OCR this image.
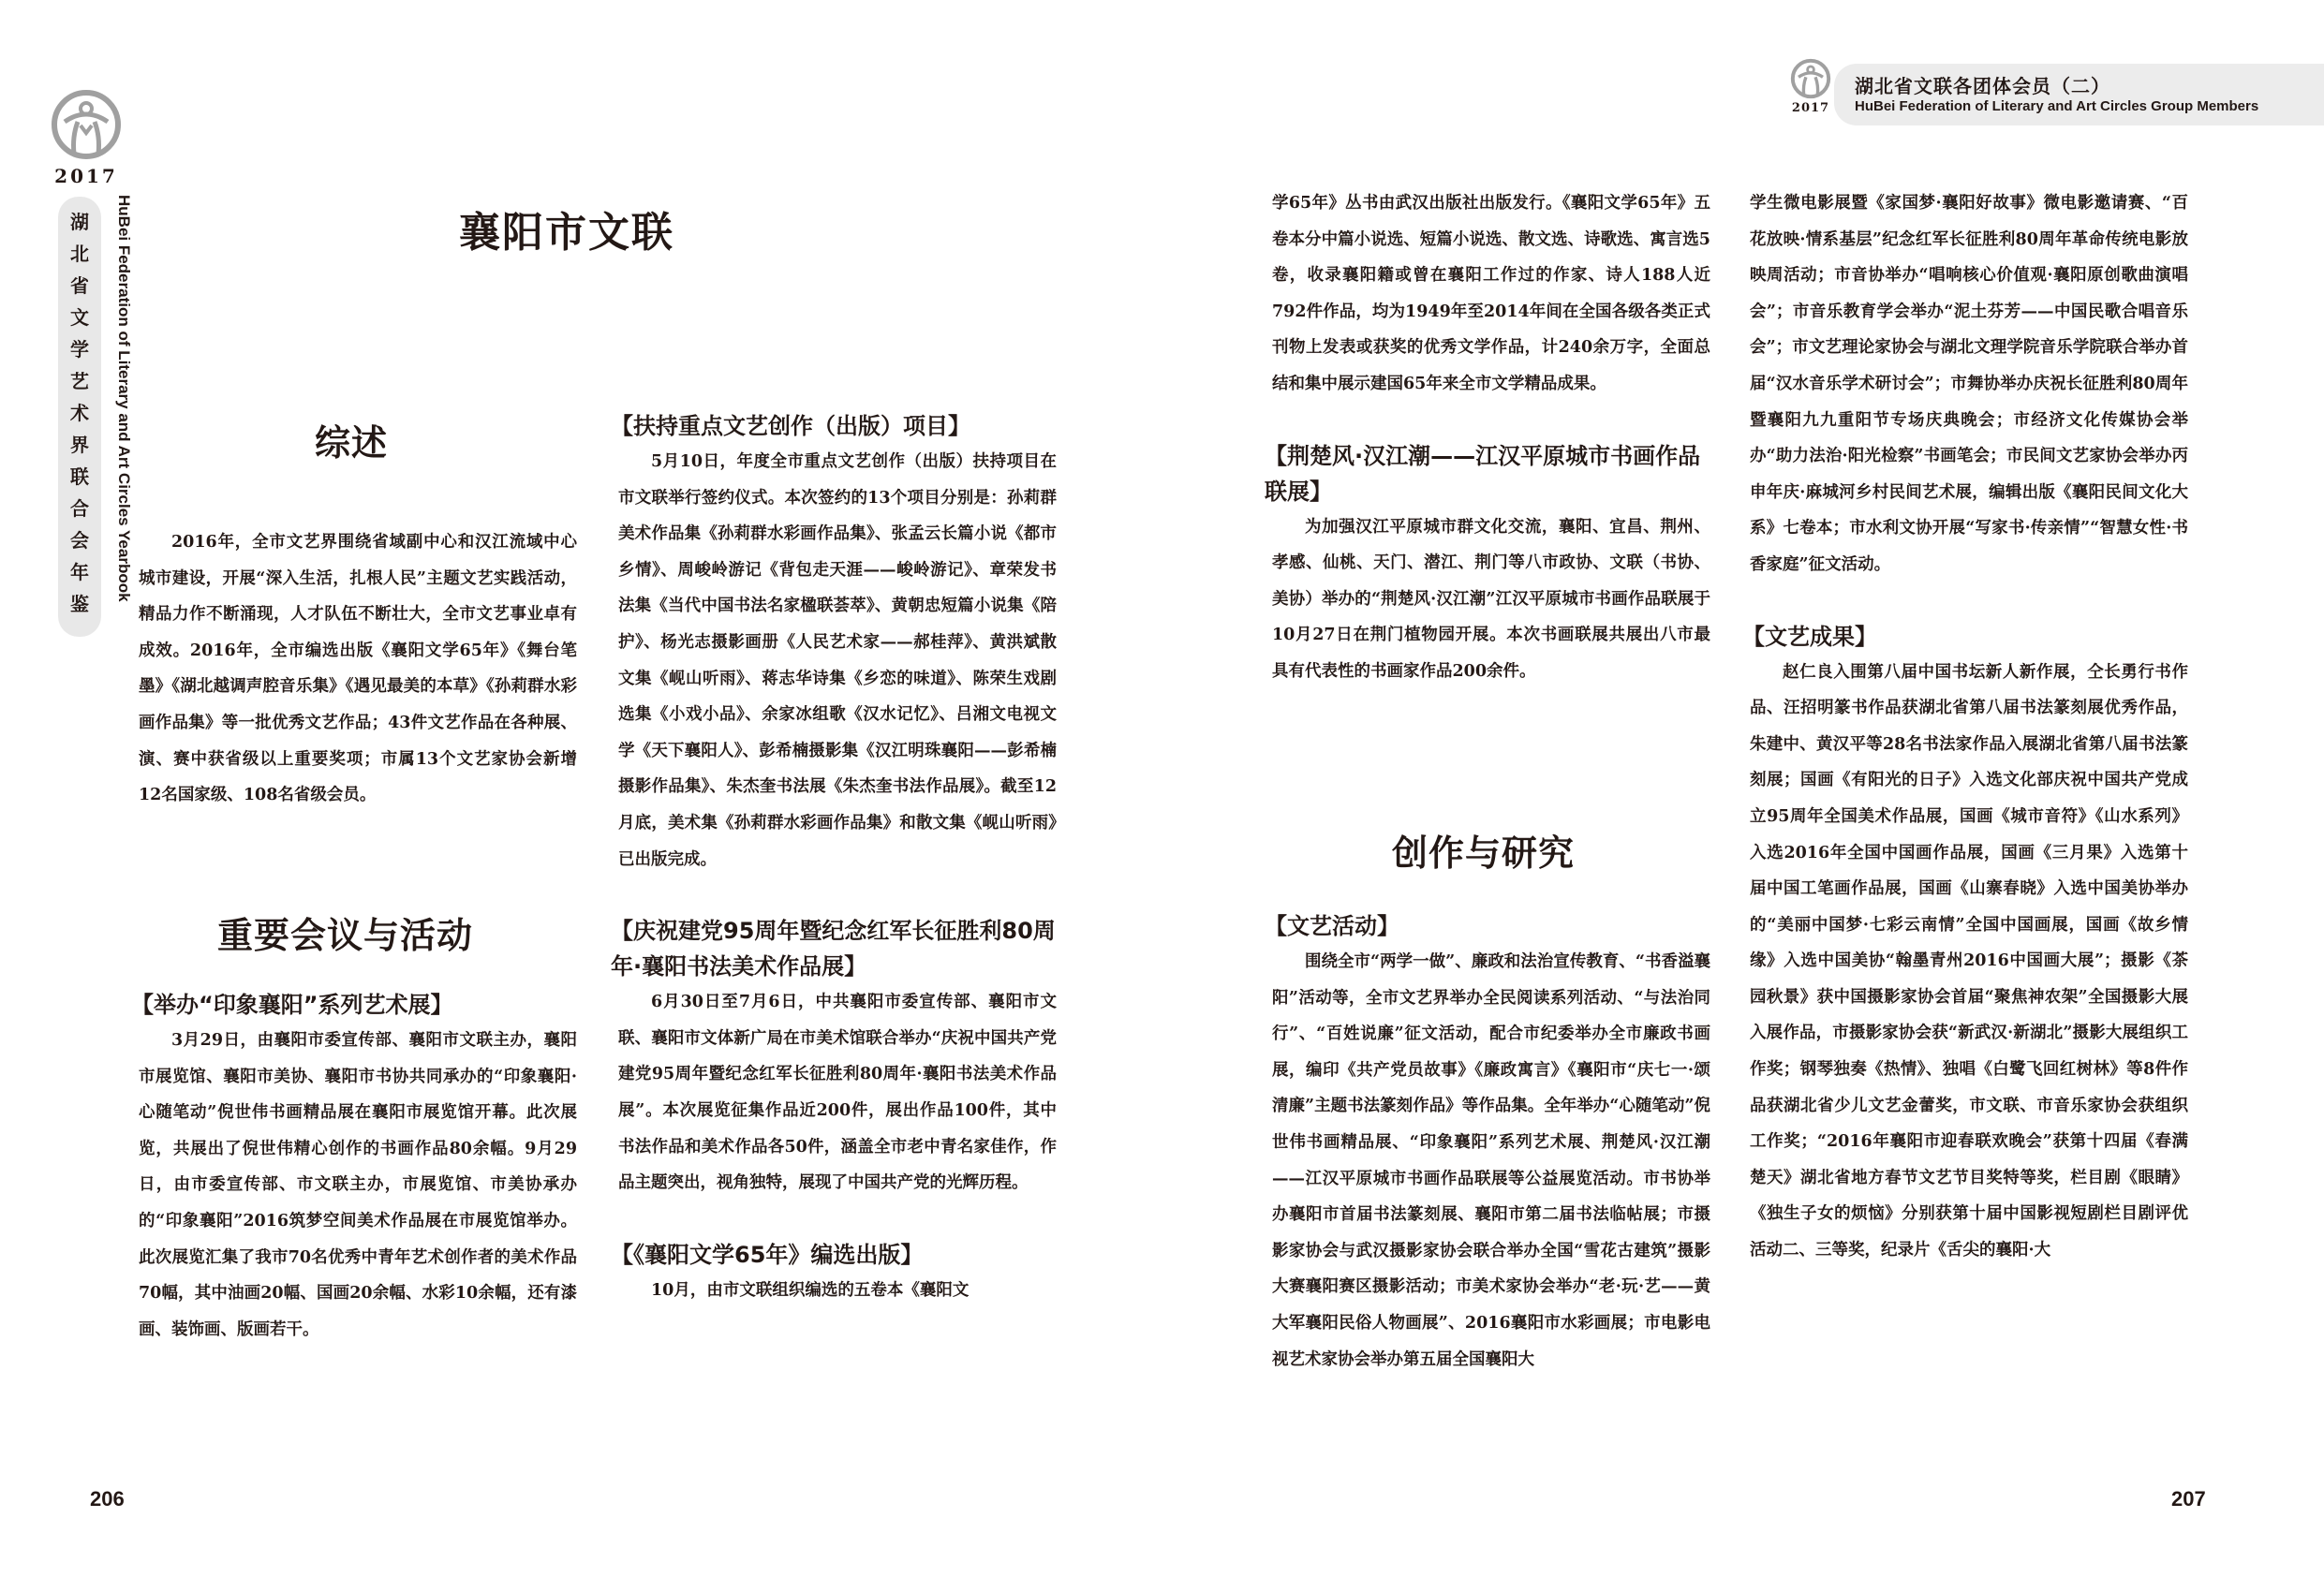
2017
湖
北
省
文
学
艺
术
界
联
合
会
年
鉴
HuBei Federation of Literary and Art Circles Yearbook	襄阳市文联
综述
重要会议与活动
创作与研究

2016年，全市文艺界围绕省域副中心和汉江流域中心城市建设，开展“深入生活，扎根人民”主题文艺实践活动，精品力作不断涌现，人才队伍不断壮大，全市文艺事业卓有成效。2016年，全市编选出版《襄阳文学65年》《舞台笔墨》《湖北越调声腔音乐集》《遇见最美的本草》《孙莉群水彩画作品集》等一批优秀文艺作品；43件文艺作品在各种展、演、赛中获省级以上重要奖项；市属13个文艺家协会新增12名国家级、108名省级会员。

【举办“印象襄阳”系列艺术展】

3月29日，由襄阳市委宣传部、襄阳市文联主办，襄阳市展览馆、襄阳市美协、襄阳市书协共同承办的“印象襄阳·心随笔动”倪世伟书画精品展在襄阳市展览馆开幕。此次展览，共展出了倪世伟精心创作的书画作品80余幅。9月29日，由市委宣传部、市文联主办，市展览馆、市美协承办的“印象襄阳”2016筑梦空间美术作品展在市展览馆举办。此次展览汇集了我市70名优秀中青年艺术创作者的美术作品70幅，其中油画20幅、国画20余幅、水彩10余幅，还有漆画、装饰画、版画若干。

【扶持重点文艺创作（出版）项目】

5月10日，年度全市重点文艺创作（出版）扶持项目在市文联举行签约仪式。本次签约的13个项目分别是：孙莉群美术作品集《孙莉群水彩画作品集》、张孟云长篇小说《都市乡情》、周峻岭游记《背包走天涯——峻岭游记》、章荣发书法集《当代中国书法名家楹联荟萃》、黄朝忠短篇小说集《陪护》、杨光志摄影画册《人民艺术家——郝桂萍》、黄洪斌散文集《岘山听雨》、蒋志华诗集《乡恋的味道》、陈荣生戏剧选集《小戏小品》、余家冰组歌《汉水记忆》、吕湘文电视文学《天下襄阳人》、彭希楠摄影集《汉江明珠襄阳——彭希楠摄影作品集》、朱杰奎书法展《朱杰奎书法作品展》。截至12月底，美术集《孙莉群水彩画作品集》和散文集《岘山听雨》已出版完成。

【庆祝建党95周年暨纪念红军长征胜利80周年·襄阳书法美术作品展】

6月30日至7月6日，中共襄阳市委宣传部、襄阳市文联、襄阳市文体新广局在市美术馆联合举办“庆祝中国共产党建党95周年暨纪念红军长征胜利80周年·襄阳书法美术作品展”。本次展览征集作品近200件，展出作品100件，其中书法作品和美术作品各50件，涵盖全市老中青名家佳作，作品主题突出，视角独特，展现了中国共产党的光辉历程。

【《襄阳文学65年》编选出版】

10月，由市文联组织编选的五卷本《襄阳文

2017
湖北省文联各团体会员（二）
HuBei Federation of Literary and Art Circles Group Members

学65年》丛书由武汉出版社出版发行。《襄阳文学65年》五卷本分中篇小说选、短篇小说选、散文选、诗歌选、寓言选5卷，收录襄阳籍或曾在襄阳工作过的作家、诗人188人近792件作品，均为1949年至2014年间在全国各级各类正式刊物上发表或获奖的优秀文学作品，计240余万字，全面总结和集中展示建国65年来全市文学精品成果。

【荆楚风·汉江潮——江汉平原城市书画作品联展】

为加强汉江平原城市群文化交流，襄阳、宜昌、荆州、孝感、仙桃、天门、潜江、荆门等八市政协、文联（书协、美协）举办的“荆楚风·汉江潮”江汉平原城市书画作品联展于10月27日在荆门植物园开展。本次书画联展共展出八市最具有代表性的书画家作品200余件。

【文艺活动】

围绕全市“两学一做”、廉政和法治宣传教育、“书香溢襄阳”活动等，全市文艺界举办全民阅读系列活动、“与法治同行”、“百姓说廉”征文活动，配合市纪委举办全市廉政书画展，编印《共产党员故事》《廉政寓言》《襄阳市“庆七一·颂清廉”主题书法篆刻作品》等作品集。全年举办“心随笔动”倪世伟书画精品展、“印象襄阳”系列艺术展、荆楚风·汉江潮——江汉平原城市书画作品联展等公益展览活动。市书协举办襄阳市首届书法篆刻展、襄阳市第二届书法临帖展；市摄影家协会与武汉摄影家协会联合举办全国“雪花古建筑”摄影大赛襄阳赛区摄影活动；市美术家协会举办“老·玩·艺——黄大军襄阳民俗人物画展”、2016襄阳市水彩画展；市电影电视艺术家协会举办第五届全国襄阳大

学生微电影展暨《家国梦·襄阳好故事》微电影邀请赛、“百花放映·情系基层”纪念红军长征胜利80周年革命传统电影放映周活动；市音协举办“唱响核心价值观·襄阳原创歌曲演唱会”；市音乐教育学会举办“泥土芬芳——中国民歌合唱音乐会”；市文艺理论家协会与湖北文理学院音乐学院联合举办首届“汉水音乐学术研讨会”；市舞协举办庆祝长征胜利80周年暨襄阳九九重阳节专场庆典晚会；市经济文化传媒协会举办“助力法治·阳光检察”书画笔会；市民间文艺家协会举办丙申年庆·麻城河乡村民间艺术展，编辑出版《襄阳民间文化大系》七卷本；市水利文协开展“写家书·传亲情”“智慧女性·书香家庭”征文活动。

【文艺成果】

赵仁良入围第八届中国书坛新人新作展，仝长勇行书作品、汪招明篆书作品获湖北省第八届书法篆刻展优秀作品，朱建中、黄汉平等28名书法家作品入展湖北省第八届书法篆刻展；国画《有阳光的日子》入选文化部庆祝中国共产党成立95周年全国美术作品展，国画《城市音符》《山水系列》入选2016年全国中国画作品展，国画《三月果》入选第十届中国工笔画作品展，国画《山寨春晓》入选中国美协举办的“美丽中国梦·七彩云南情”全国中国画展，国画《故乡情缘》入选中国美协“翰墨青州2016中国画大展”；摄影《茶园秋景》获中国摄影家协会首届“聚焦神农架”全国摄影大展入展作品，市摄影家协会获“新武汉·新湖北”摄影大展组织工作奖；钢琴独奏《热情》、独唱《白鹭飞回红树林》等8件作品获湖北省少儿文艺金蕾奖，市文联、市音乐家协会获组织工作奖；“2016年襄阳市迎春联欢晚会”获第十四届《春满楚天》湖北省地方春节文艺节目奖特等奖，栏目剧《眼睛》《独生子女的烦恼》分别获第十届中国影视短剧栏目剧评优活动二、三等奖，纪录片《舌尖的襄阳·大

206	207
